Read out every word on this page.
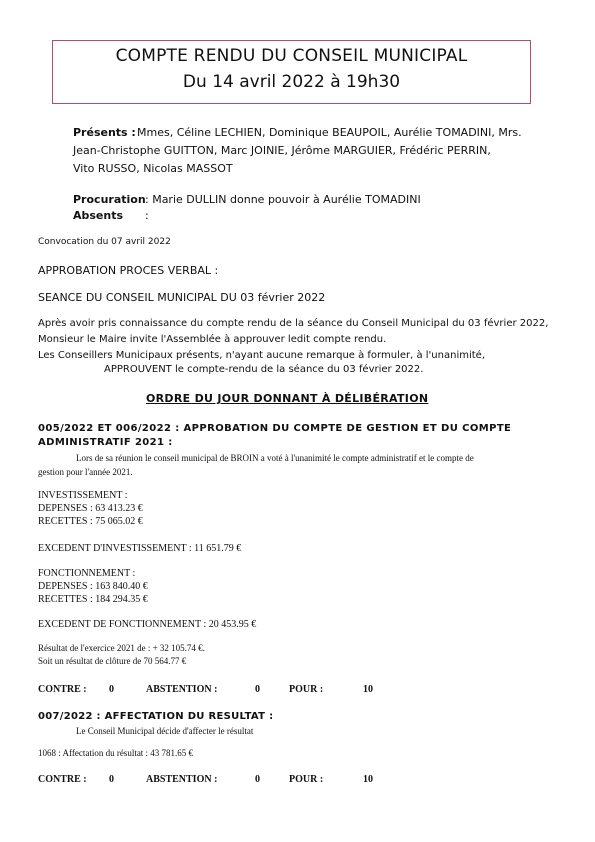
COMPTE RENDU DU CONSEIL MUNICIPAL
Du 14 avril 2022 à 19h30
Présents : Mmes, Céline LECHIEN, Dominique BEAUPOIL, Aurélie TOMADINI, Mrs.
Jean-Christophe GUITTON, Marc JOINIE, Jérôme MARGUIER, Frédéric PERRIN,
Vito RUSSO, Nicolas MASSOT
Procuration : Marie DULLIN donne pouvoir à Aurélie TOMADINI
Absents :
Convocation du 07 avril 2022
APPROBATION PROCES VERBAL :
SEANCE DU CONSEIL MUNICIPAL DU 03 février 2022
Après avoir pris connaissance du compte rendu de la séance du Conseil Municipal du 03 février 2022,
Monsieur le Maire invite l'Assemblée à approuver ledit compte rendu.
Les Conseillers Municipaux présents, n'ayant aucune remarque à formuler, à l'unanimité,
APPROUVENT le compte-rendu de la séance du 03 février 2022.
ORDRE DU JOUR DONNANT À DÉLIBÉRATION
005/2022 ET 006/2022 : APPROBATION DU COMPTE DE GESTION ET DU COMPTE
ADMINISTRATIF 2021 :
Lors de sa réunion le conseil municipal de BROIN a voté à l'unanimité le compte administratif et le compte de
gestion pour l'année 2021.
INVESTISSEMENT :
DEPENSES : 63 413.23 €
RECETTES : 75 065.02 €
EXCEDENT D'INVESTISSEMENT : 11 651.79 €
FONCTIONNEMENT :
DEPENSES : 163 840.40 €
RECETTES : 184 294.35 €
EXCEDENT DE FONCTIONNEMENT : 20 453.95 €
Résultat de l'exercice 2021 de : + 32 105.74 €.
Soit un résultat de clôture de 70 564.77 €
CONTRE : 0	ABSTENTION :	0	POUR :	10
007/2022 : AFFECTATION DU RESULTAT :
Le Conseil Municipal décide d'affecter le résultat
1068 : Affectation du résultat : 43 781.65 €
CONTRE : 0	ABSTENTION :	0	POUR :	10
